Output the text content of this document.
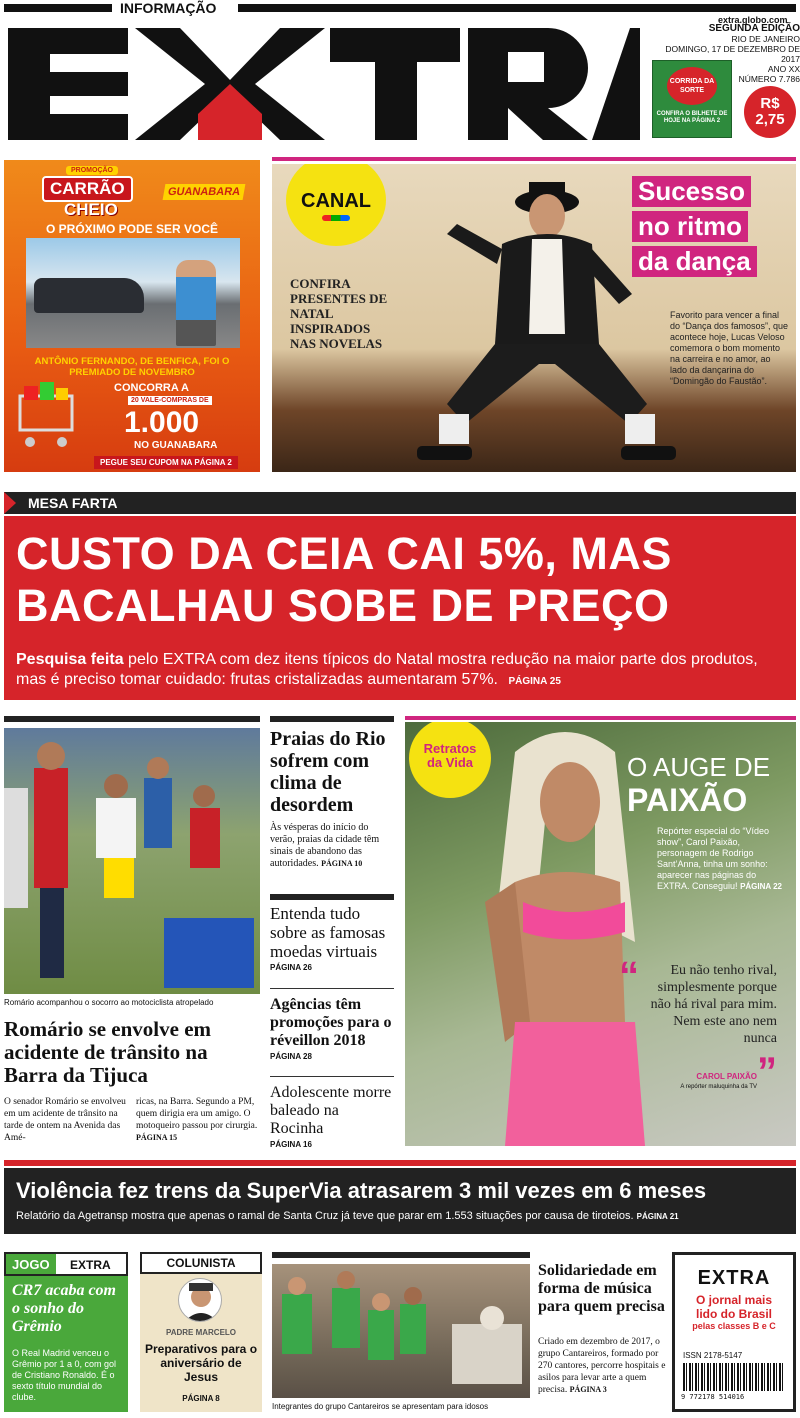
INFORMAÇÃO
extra.globo.com
SEGUNDA EDIÇÃO
RIO DE JANEIRO
DOMINGO, 17 DE DEZEMBRO DE 2017
ANO XX
NÚMERO 7.786
CORRIDA DA SORTE
CONFIRA O BILHETE DE HOJE NA PÁGINA 2
R$ 2,75
PROMOÇÃO
CARRÃO
CHEIO
GUANABARA
O PRÓXIMO PODE SER VOCÊ
ANTÔNIO FERNANDO, DE BENFICA, FOI O PREMIADO DE NOVEMBRO
CONCORRA A
20 VALE-COMPRAS DE
1.000
NO GUANABARA
PEGUE SEU CUPOM NA PÁGINA 2
CANAL
CONFIRA PRESENTES DE NATAL INSPIRADOS NAS NOVELAS
Sucesso no ritmo da dança
Favorito para vencer a final do “Dança dos famosos”, que acontece hoje, Lucas Veloso comemora o bom momento na carreira e no amor, ao lado da dançarina do “Domingão do Faustão”.
MESA FARTA
CUSTO DA CEIA CAI 5%, MAS BACALHAU SOBE DE PREÇO
Pesquisa feita pelo EXTRA com dez itens típicos do Natal mostra redução na maior parte dos produtos, mas é preciso tomar cuidado: frutas cristalizadas aumentaram 57%. PÁGINA 25
Romário acompanhou o socorro ao motociclista atropelado
Romário se envolve em acidente de trânsito na Barra da Tijuca
O senador Romário se envolveu em um acidente de trânsito na tarde de ontem na Avenida das Amé-
ricas, na Barra. Segundo a PM, quem dirigia era um amigo. O motoqueiro passou por cirurgia. PÁGINA 15
Praias do Rio sofrem com clima de desordem
Às vésperas do início do verão, praias da cidade têm sinais de abandono das autoridades. PÁGINA 10
Entenda tudo sobre as famosas moedas virtuais
PÁGINA 26
Agências têm promoções para o réveillon 2018
PÁGINA 28
Adolescente morre baleado na Rocinha
PÁGINA 16
Retratos
da Vida	O AUGE DE
PAIXÃO
Repórter especial do “Vídeo show”, Carol Paixão, personagem de Rodrigo Sant’Anna, tinha um sonho: aparecer nas páginas do EXTRA. Conseguiu! PÁGINA 22
“	Eu não tenho rival, simplesmente porque não há rival para mim. Nem este ano nem nunca
CAROL PAIXÃO
A repórter maluquinha da TV ”
Violência fez trens da SuperVia atrasarem 3 mil vezes em 6 meses
Relatório da Agetransp mostra que apenas o ramal de Santa Cruz já teve que parar em 1.553 situações por causa de tiroteios. PÁGINA 21
JOGO	EXTRA
CR7 acaba com o sonho do Grêmio
O Real Madrid venceu o Grêmio por 1 a 0, com gol de Cristiano Ronaldo. É o sexto título mundial do clube.
COLUNISTA
PADRE MARCELO
Preparativos para o aniversário de Jesus
PÁGINA 8
Integrantes do grupo Cantareiros se apresentam para idosos
Solidariedade em forma de música para quem precisa
Criado em dezembro de 2017, o grupo Cantareiros, formado por 270 cantores, percorre hospitais e asilos para levar arte a quem precisa. PÁGINA 3
EXTRA
O jornal mais
lido do Brasil
pelas classes B e C
ISSN 2178-5147
9 772178 514016
